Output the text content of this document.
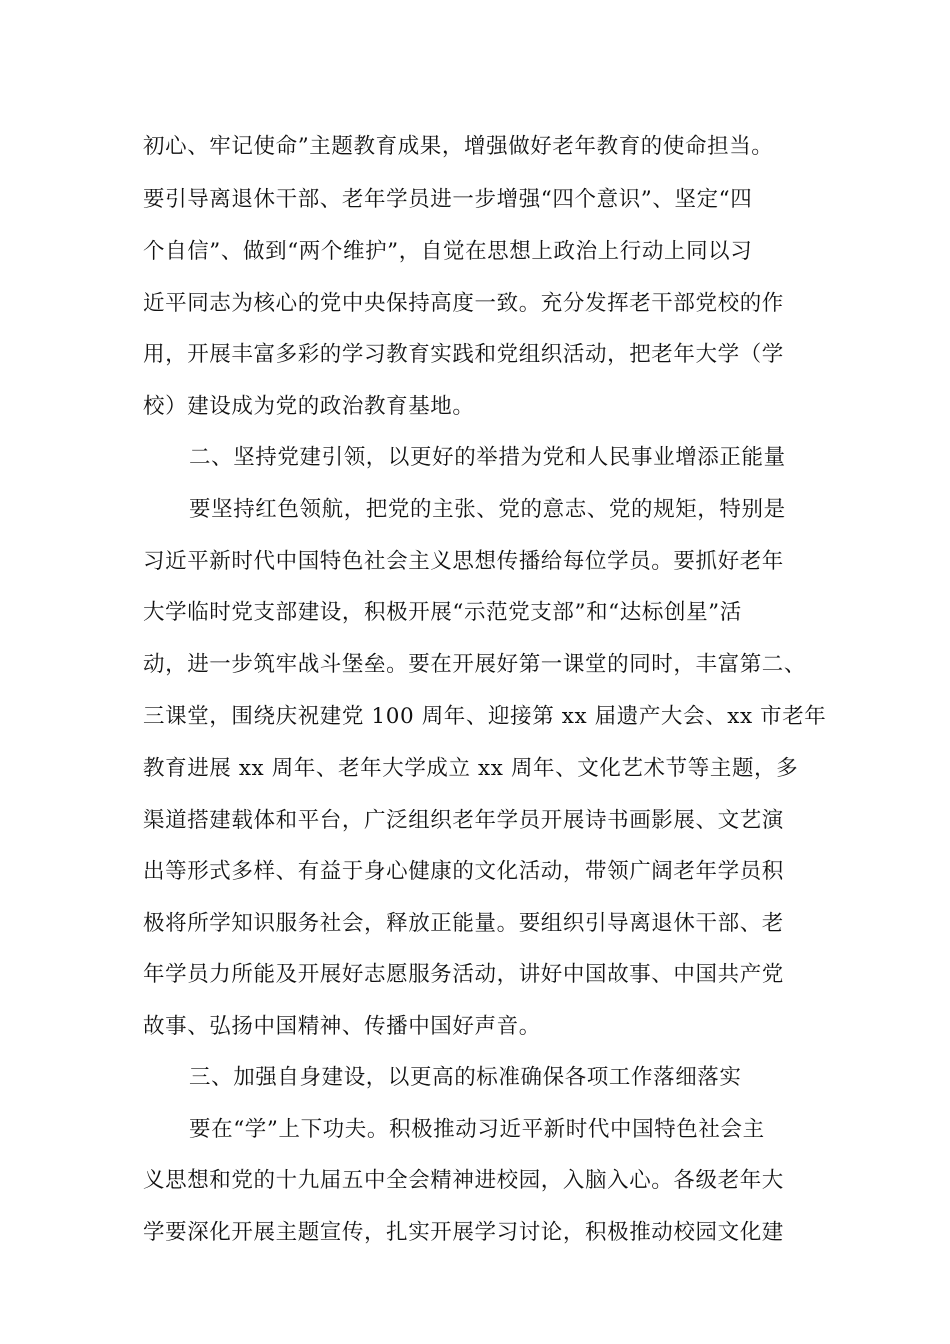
初心、牢记使命”主题教育成果，增强做好老年教育的使命担当。
要引导离退休干部、老年学员进一步增强“四个意识”、坚定“四
个自信”、做到“两个维护”，自觉在思想上政治上行动上同以习
近平同志为核心的党中央保持高度一致。充分发挥老干部党校的作
用，开展丰富多彩的学习教育实践和党组织活动，把老年大学（学
校）建设成为党的政治教育基地。
二、坚持党建引领，以更好的举措为党和人民事业增添正能量
要坚持红色领航，把党的主张、党的意志、党的规矩，特别是
习近平新时代中国特色社会主义思想传播给每位学员。要抓好老年
大学临时党支部建设，积极开展“示范党支部”和“达标创星”活
动，进一步筑牢战斗堡垒。要在开展好第一课堂的同时，丰富第二、
三课堂，围绕庆祝建党 100 周年、迎接第 xx 届遗产大会、xx 市老年
教育进展 xx 周年、老年大学成立 xx 周年、文化艺术节等主题，多
渠道搭建载体和平台，广泛组织老年学员开展诗书画影展、文艺演
出等形式多样、有益于身心健康的文化活动，带领广阔老年学员积
极将所学知识服务社会，释放正能量。要组织引导离退休干部、老
年学员力所能及开展好志愿服务活动，讲好中国故事、中国共产党
故事、弘扬中国精神、传播中国好声音。
三、加强自身建设，以更高的标准确保各项工作落细落实
要在“学”上下功夫。积极推动习近平新时代中国特色社会主
义思想和党的十九届五中全会精神进校园，入脑入心。各级老年大
学要深化开展主题宣传，扎实开展学习讨论，积极推动校园文化建
